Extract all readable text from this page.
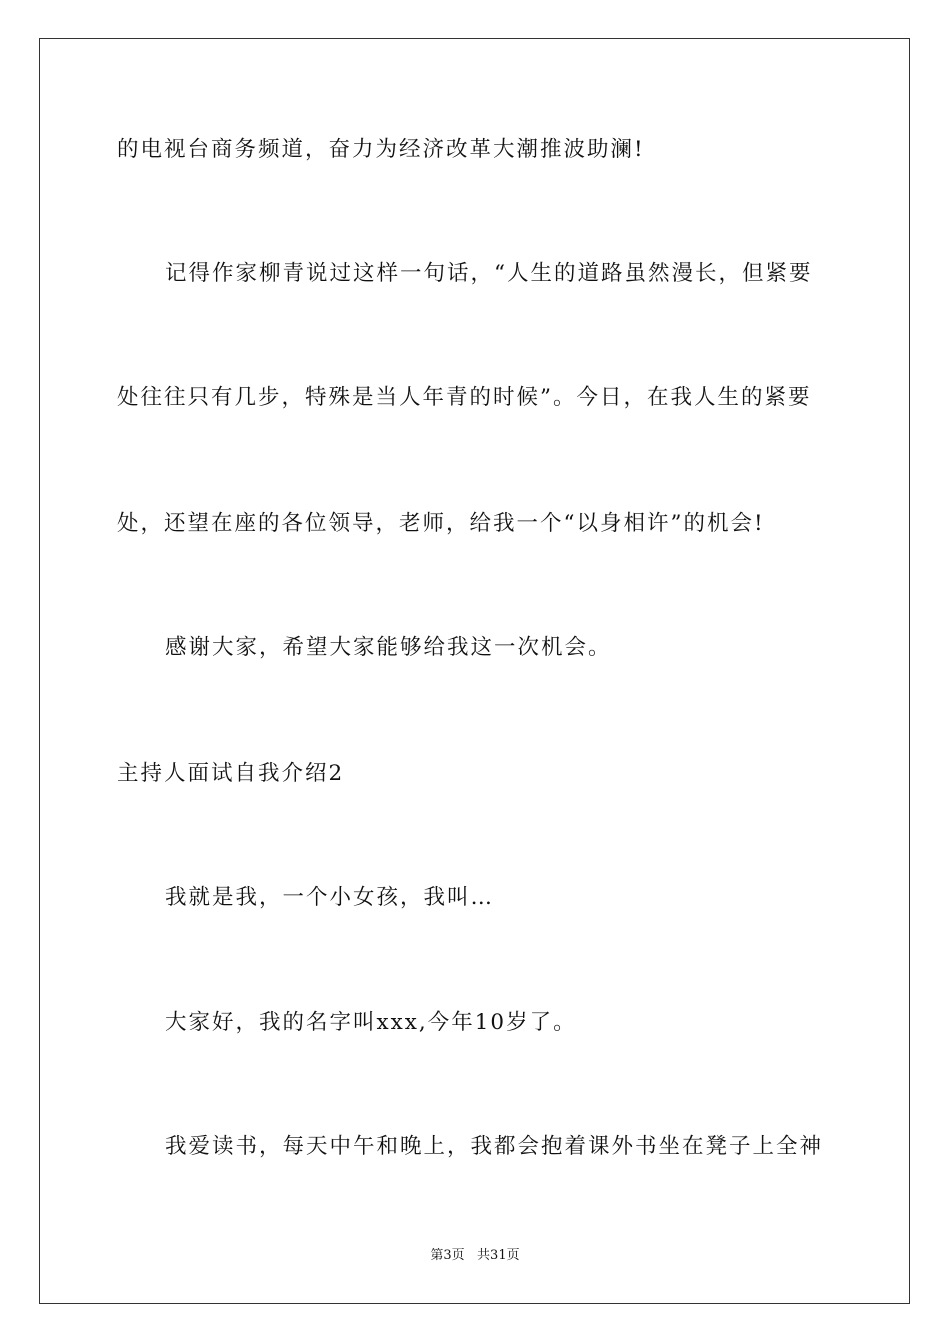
的电视台商务频道，奋力为经济改革大潮推波助澜!
记得作家柳青说过这样一句话，“人生的道路虽然漫长，但紧要
处往往只有几步，特殊是当人年青的时候”。今日，在我人生的紧要
处，还望在座的各位领导，老师，给我一个“以身相许”的机会!
感谢大家，希望大家能够给我这一次机会。
主持人面试自我介绍2
我就是我，一个小女孩，我叫…
大家好，我的名字叫xxx,今年10岁了。
我爱读书，每天中午和晚上，我都会抱着课外书坐在凳子上全神
第3页   共31页
